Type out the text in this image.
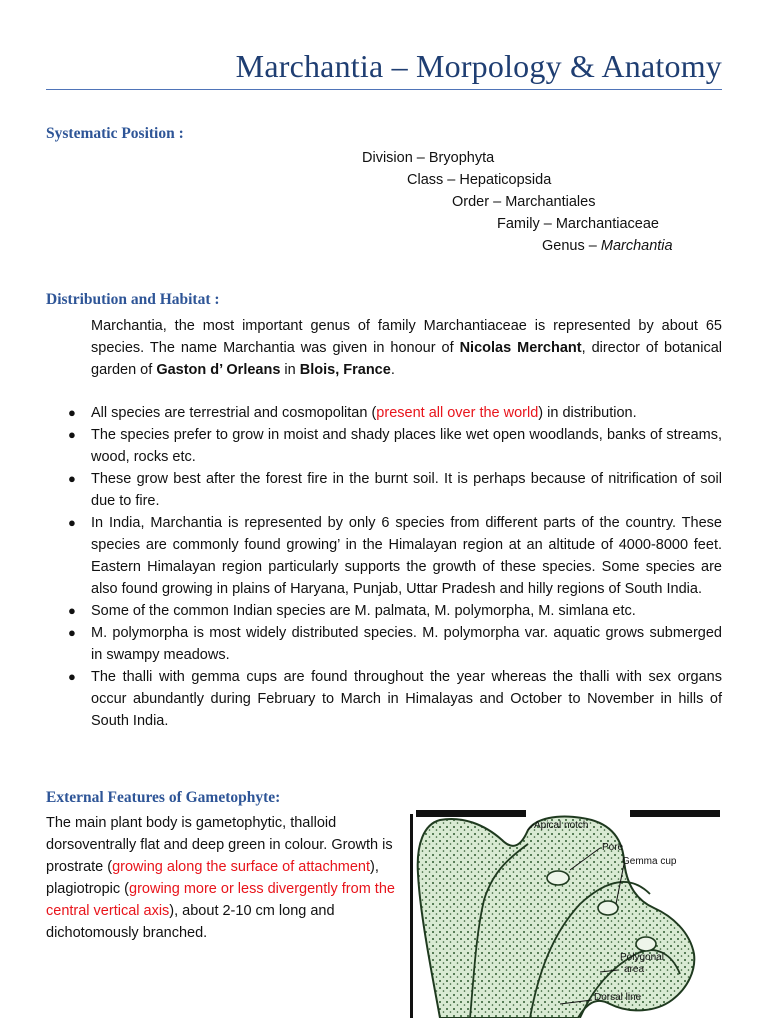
Marchantia – Morpology & Anatomy
Systematic Position :
Division – Bryophyta
Class – Hepaticopsida
Order – Marchantiales
Family – Marchantiaceae
Genus – Marchantia
Distribution and Habitat :
Marchantia, the most important genus of family Marchantiaceae is represented by about 65 species. The name Marchantia was given in honour of Nicolas Merchant, director of botanical garden of Gaston d’ Orleans in Blois, France.
● All species are terrestrial and cosmopolitan (present all over the world) in distribution.
● The species prefer to grow in moist and shady places like wet open woodlands, banks of streams, wood, rocks etc.
● These grow best after the forest fire in the burnt soil. It is perhaps because of nitrification of soil due to fire.
● In India, Marchantia is represented by only 6 species from different parts of the country. These species are commonly found growing’ in the Himalayan region at an altitude of 4000-8000 feet. Eastern Himalayan region particularly supports the growth of these species. Some species are also found growing in plains of Haryana, Punjab, Uttar Pradesh and hilly regions of South India.
● Some of the common Indian species are M. palmata, M. polymorpha, M. simlana etc.
● M. polymorpha is most widely distributed species. M. polymorpha var. aquatic grows submerged in swampy meadows.
● The thalli with gemma cups are found throughout the year whereas the thalli with sex organs occur abundantly during February to March in Himalayas and October to November in hills of South India.
External Features of Gametophyte:
The main plant body is gametophytic, thalloid dorsoventrally flat and deep green in colour. Growth is prostrate (growing along the surface of attachment), plagiotropic (growing more or less divergently from the central vertical axis), about 2-10 cm long and dichotomously branched.
Apical notch
Pore
Gemma cup
Polygonal
area
Dorsal line
